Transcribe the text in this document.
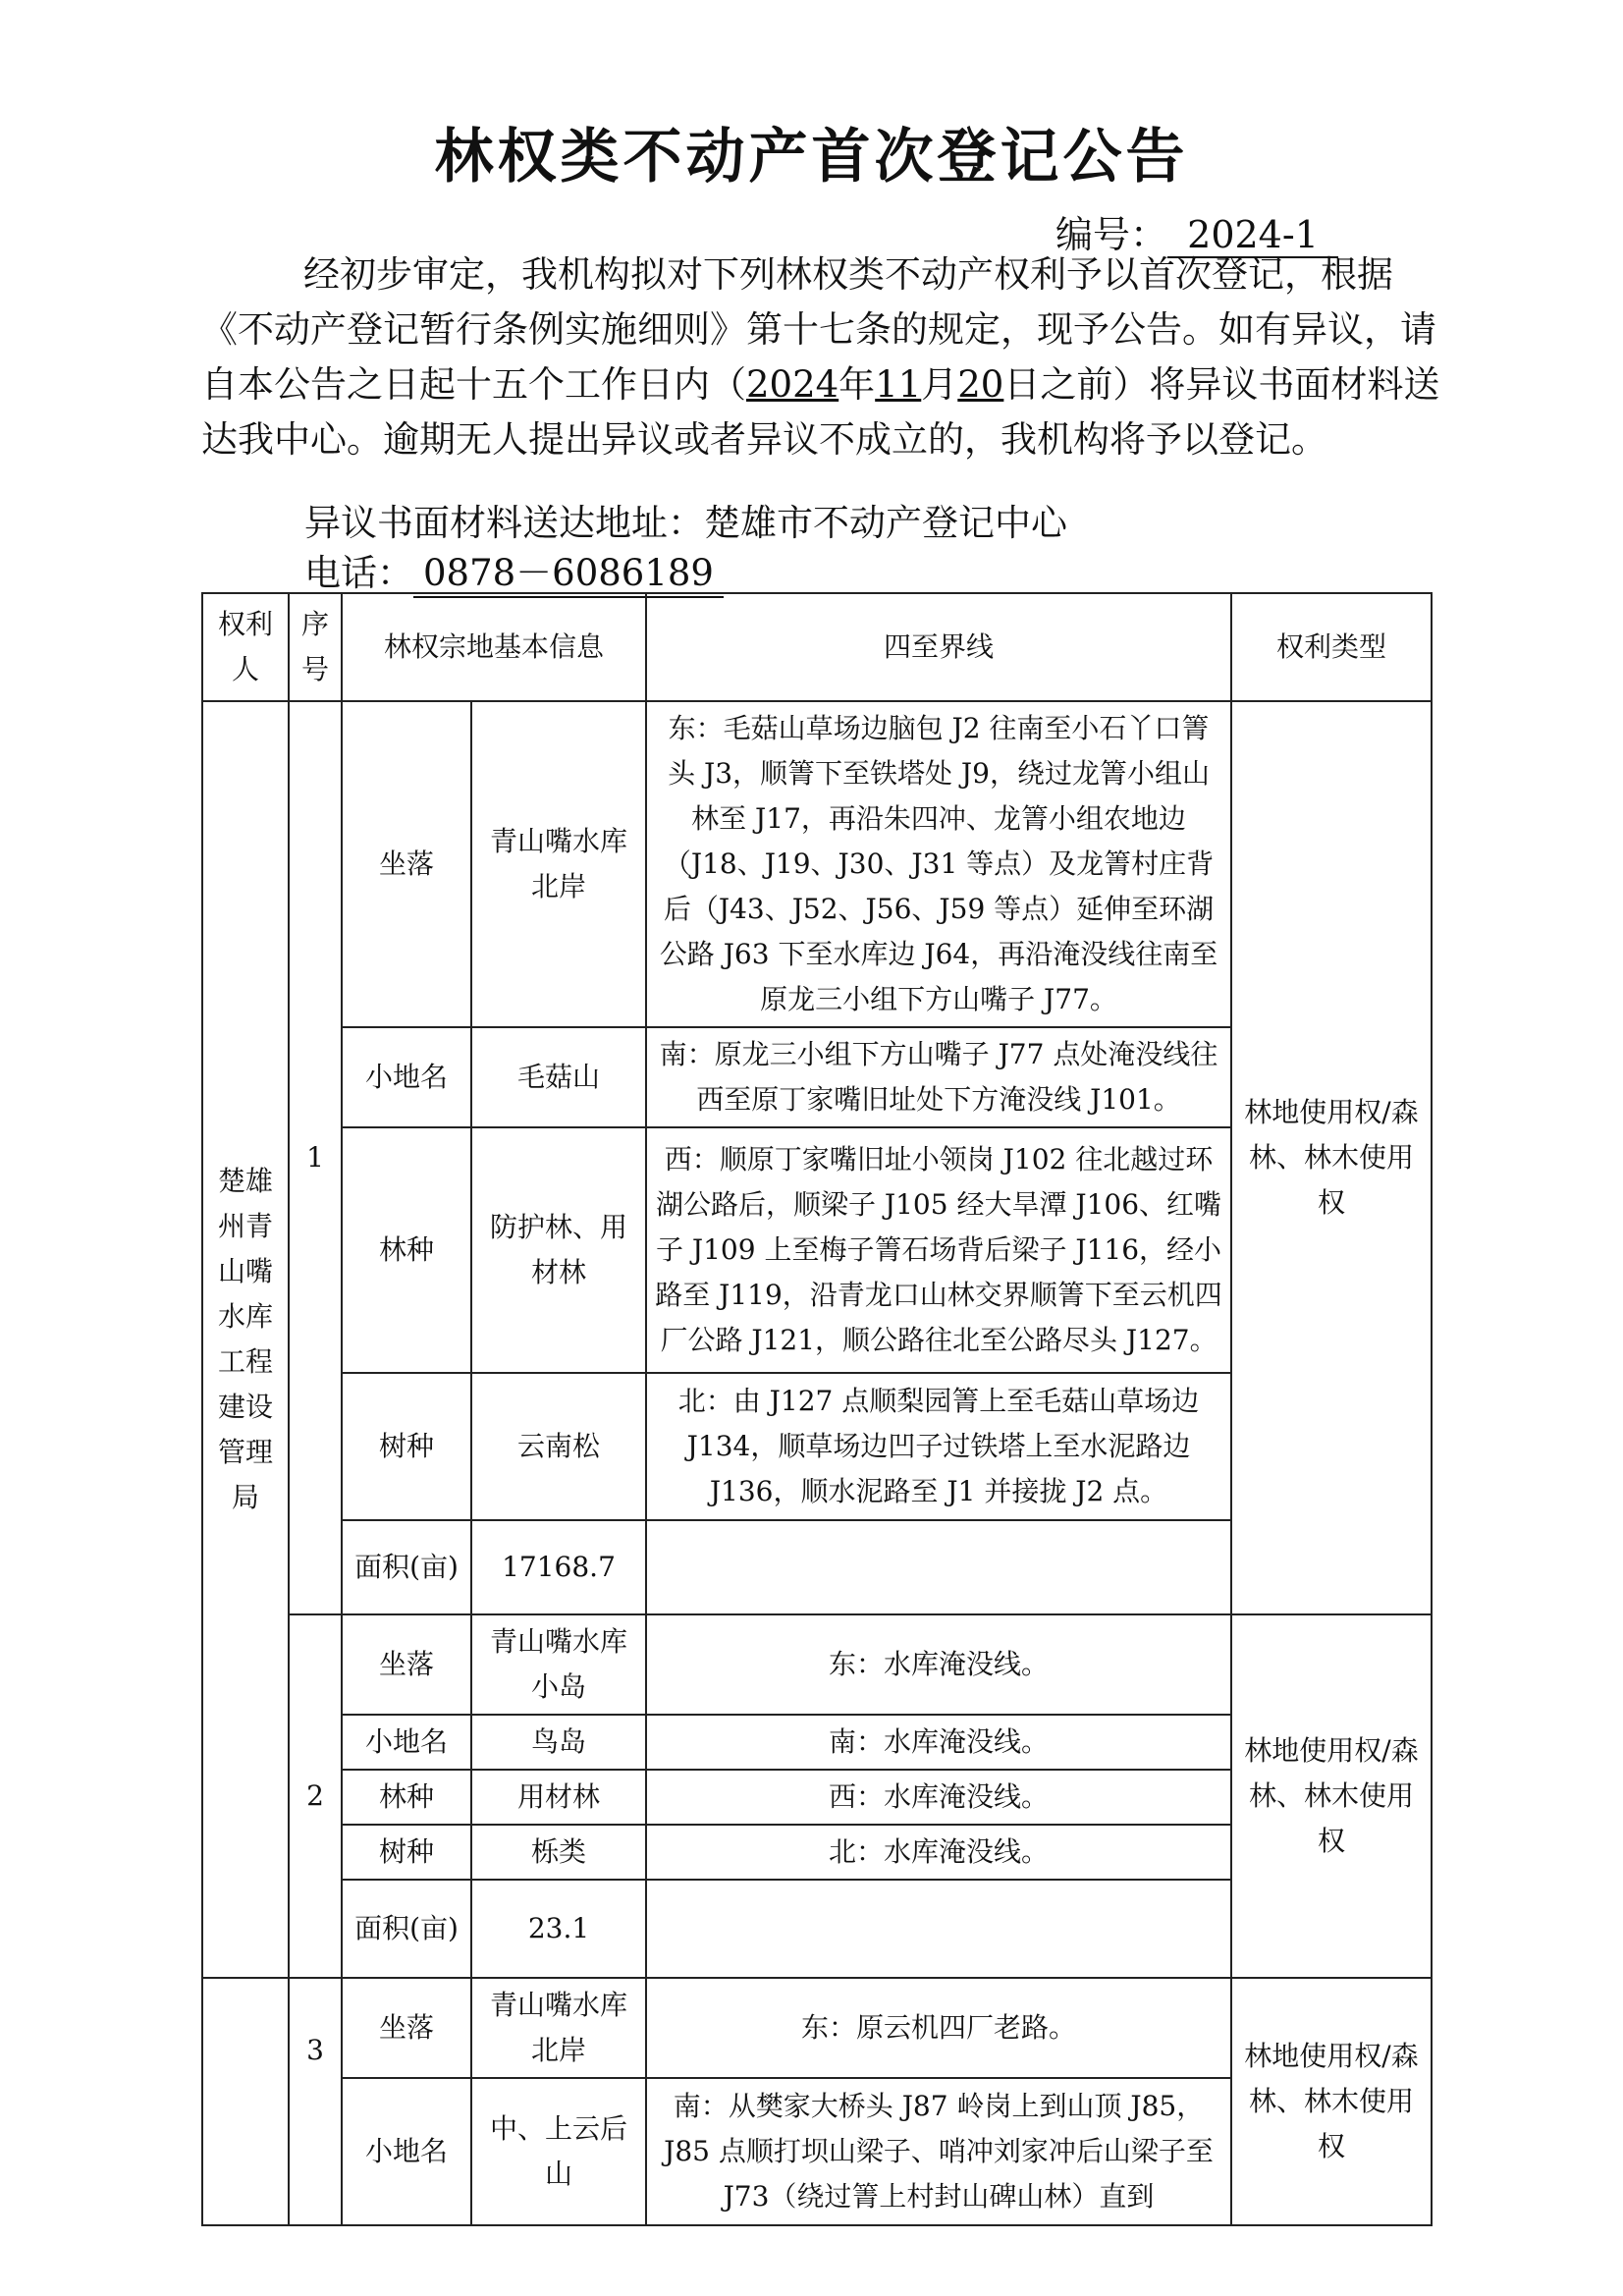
林权类不动产首次登记公告
编号： 2024-1
经初步审定，我机构拟对下列林权类不动产权利予以首次登记，根据《不动产登记暂行条例实施细则》第十七条的规定，现予公告。如有异议，请自本公告之日起十五个工作日内（2024年11月20日之前）将异议书面材料送达我中心。逾期无人提出异议或者异议不成立的，我机构将予以登记。
异议书面材料送达地址：楚雄市不动产登记中心
电话： 0878－6086189
权利人	序号	林权宗地基本信息		四至界线	权利类型
楚雄州青山嘴水库工程建设管理局	1	坐落	青山嘴水库北岸	东：毛菇山草场边脑包 J2 往南至小石丫口箐头 J3，顺箐下至铁塔处 J9，绕过龙箐小组山林至 J17，再沿朱四冲、龙箐小组农地边（J18、J19、J30、J31 等点）及龙箐村庄背后（J43、J52、J56、J59 等点）延伸至环湖公路 J63 下至水库边 J64，再沿淹没线往南至原龙三小组下方山嘴子 J77。	林地使用权/森林、林木使用权
		小地名	毛菇山	南：原龙三小组下方山嘴子 J77 点处淹没线往西至原丁家嘴旧址处下方淹没线 J101。	
		林种	防护林、用材林	西：顺原丁家嘴旧址小领岗 J102 往北越过环湖公路后，顺梁子 J105 经大旱潭 J106、红嘴子 J109 上至梅子箐石场背后梁子 J116，经小路至 J119，沿青龙口山林交界顺箐下至云机四厂公路 J121，顺公路往北至公路尽头 J127。	
		树种	云南松	北：由 J127 点顺梨园箐上至毛菇山草场边 J134，顺草场边凹子过铁塔上至水泥路边 J136，顺水泥路至 J1 并接拢 J2 点。	
		面积(亩)	17168.7		
	2	坐落	青山嘴水库小岛	东：水库淹没线。	林地使用权/森林、林木使用权
		小地名	鸟岛	南：水库淹没线。	
		林种	用材林	西：水库淹没线。	
		树种	栎类	北：水库淹没线。	
		面积(亩)	23.1		
	3	坐落	青山嘴水库北岸	东：原云机四厂老路。	林地使用权/森林、林木使用权
		小地名	中、上云后山	南：从樊家大桥头 J87 岭岗上到山顶 J85，J85 点顺打坝山梁子、哨冲刘家冲后山梁子至 J73（绕过箐上村封山碑山林）直到	
